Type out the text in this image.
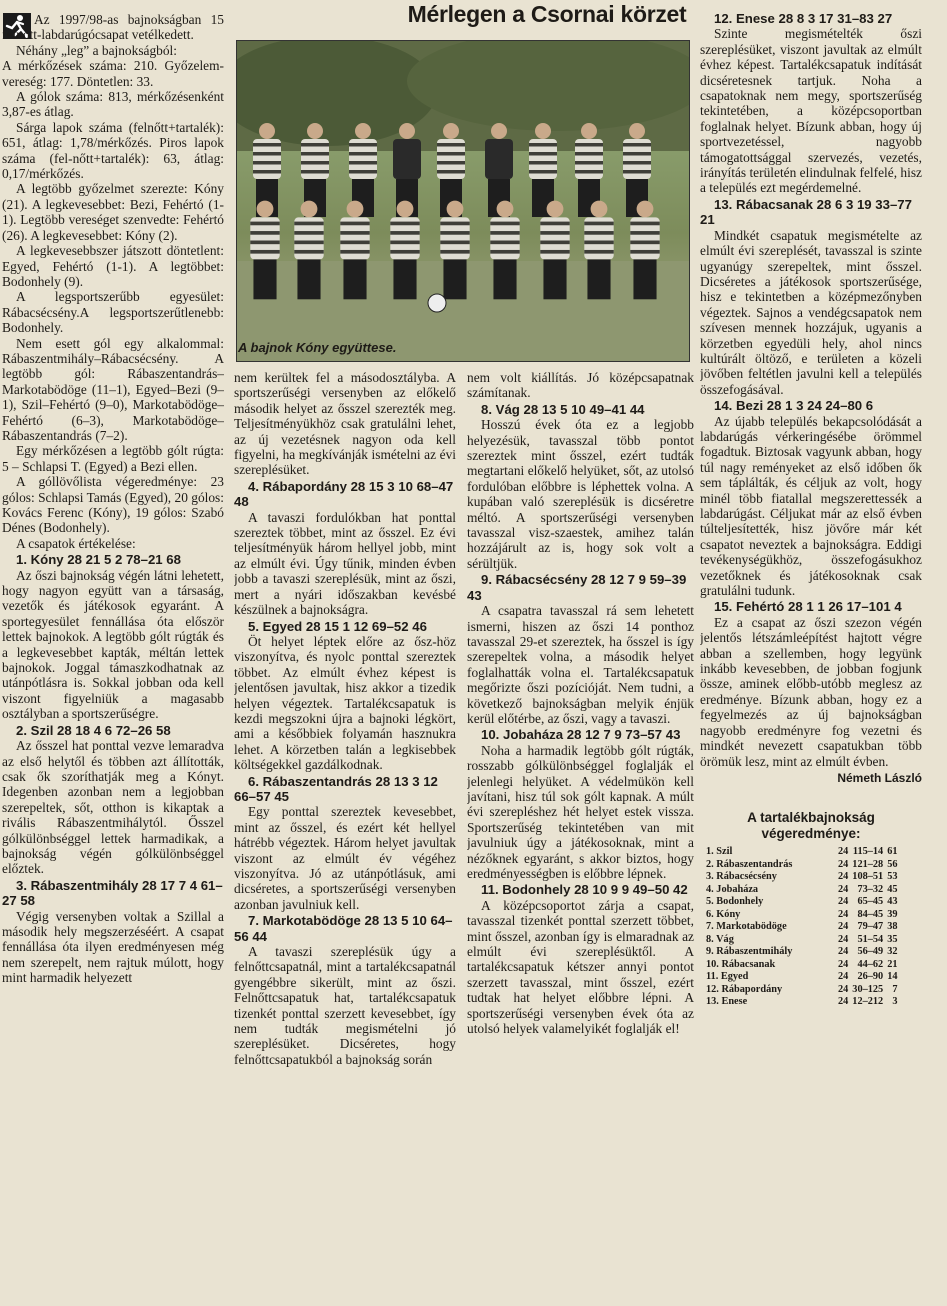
Mérlegen a Csornai körzet
A bajnok Kóny együttese.

Az 1997/98-as bajnokságban 15 felnőtt-labdarúgócsapat vetélkedett.

Néhány „leg” a bajnokságból:

A mérkőzések száma: 210. Győzelem-vereség: 177. Döntetlen: 33.

A gólok száma: 813, mérkőzésenként 3,87-es átlag.

Sárga lapok száma (felnőtt+tartalék): 651, átlag: 1,78/mérkőzés. Piros lapok száma (fel-nőtt+tartalék): 63, átlag: 0,17/mérkőzés.

A legtöbb győzelmet szerezte: Kóny (21). A legkevesebbet: Bezi, Fehértó (1-1). Legtöbb vereséget szenvedte: Fehértó (26). A legkevesebbet: Kóny (2).

A legkevesebbszer játszott döntetlent: Egyed, Fehértó (1-1). A legtöbbet: Bodonhely (9).

A legsportszerűbb egyesület: Rábacsécsény.A legsportszerűtlenebb: Bodonhely.

Nem esett gól egy alkalommal: Rábaszentmihály–Rábacsécsény. A legtöbb gól: Rábaszentandrás–Markotabödöge (11–1), Egyed–Bezi (9–1), Szil–Fehértó (9–0), Markotabödöge–Fehértó (6–3), Markotabödöge–Rábaszentandrás (7–2).

Egy mérkőzésen a legtöbb gólt rúgta: 5 – Schlapsi T. (Egyed) a Bezi ellen.

A góllövőlista végeredménye: 23 gólos: Schlapsi Tamás (Egyed), 20 gólos: Kovács Ferenc (Kóny), 19 gólos: Szabó Dénes (Bodonhely).

A csapatok értékelése:

1. Kóny 28 21 5 2 78–21 68

Az őszi bajnokság végén látni lehetett, hogy nagyon együtt van a társaság, vezetők és játékosok egyaránt. A sportegyesület fennállása óta először lettek bajnokok. A legtöbb gólt rúgták és a legkevesebbet kapták, méltán lettek bajnokok. Joggal támaszkodhatnak az utánpótlásra is. Sokkal jobban oda kell viszont figyelniük a magasabb osztályban a sportszerűségre.

2. Szil 28 18 4 6 72–26 58

Az ősszel hat ponttal vezve lemaradva az első helytől és többen azt állították, csak ők szoríthatják meg a Kónyt. Idegenben azonban nem a legjobban szerepeltek, sőt, otthon is kikaptak a rivális Rábaszentmihálytól. Ősszel gólkülönbséggel lettek harmadikak, a bajnokság végén gólkülönbséggel előztek.

3. Rábaszentmihály 28 17 7 4 61–27 58

Végig versenyben voltak a Szillal a második hely megszerzéséért. A csapat fennállása óta ilyen eredményesen még nem szerepelt, nem rajtuk múlott, hogy mint harmadik helyezett

nem kerültek fel a másodosztályba. A sportszerűségi versenyben az előkelő második helyet az ősszel szerezték meg. Teljesítményükhöz csak gratulálni lehet, az új vezetésnek nagyon oda kell figyelni, ha megkívánják ismételni az évi szereplésüket.

4. Rábapordány 28 15 3 10 68–47 48

A tavaszi fordulókban hat ponttal szereztek többet, mint az ősszel. Ez évi teljesítményük három hellyel jobb, mint az elmúlt évi. Úgy tűnik, minden évben jobb a tavaszi szereplésük, mint az őszi, mert a nyári időszakban kevésbé készülnek a bajnokságra.

5. Egyed 28 15 1 12 69–52 46

Öt helyet léptek előre az ősz-höz viszonyítva, és nyolc ponttal szereztek többet. Az elmúlt évhez képest is jelentősen javultak, hisz akkor a tizedik helyen végeztek. Tartalékcsapatuk is kezdi megszokni újra a bajnoki légkört, ami a későbbiek folyamán hasznukra lehet. A körzetben talán a legkisebbek költségekkel gazdálkodnak.

6. Rábaszentandrás 28 13 3 12 66–57 45

Egy ponttal szereztek kevesebbet, mint az ősszel, és ezért két hellyel hátrébb végeztek. Három helyet javultak viszont az elmúlt év végéhez viszonyítva. Jó az utánpótlásuk, ami dicséretes, a sportszerűségi versenyben azonban javulniuk kell.

7. Markotabödöge 28 13 5 10 64–56 44

A tavaszi szereplésük úgy a felnőttcsapatnál, mint a tartalékcsapatnál gyengébbre sikerült, mint az őszi. Felnőttcsapatuk hat, tartalékcsapatuk tizenkét ponttal szerzett kevesebbet, így nem tudták megismételni jó szereplésüket. Dicséretes, hogy felnőttcsapatukból a bajnokság során

nem volt kiállítás. Jó középcsapatnak számítanak.

8. Vág 28 13 5 10 49–41 44

Hosszú évek óta ez a legjobb helyezésük, tavasszal több pontot szereztek mint ősszel, ezért tudták megtartani előkelő helyüket, sőt, az utolsó fordulóban előbbre is léphettek volna. A kupában való szereplésük is dicséretre méltó. A sportszerűségi versenyben tavasszal visz-szaestek, amihez talán hozzájárult az is, hogy sok volt a sérültjük.

9. Rábacsécsény 28 12 7 9 59–39 43

A csapatra tavasszal rá sem lehetett ismerni, hiszen az őszi 14 ponthoz tavasszal 29-et szereztek, ha ősszel is így szerepeltek volna, a második helyet foglalhatták volna el. Tartalékcsapatuk megőrizte őszi pozícióját. Nem tudni, a következő bajnokságban melyik énjük kerül előtérbe, az őszi, vagy a tavaszi.

10. Jobaháza 28 12 7 9 73–57 43

Noha a harmadik legtöbb gólt rúgták, rosszabb gólkülönbséggel foglalják el jelenlegi helyüket. A védelmükön kell javítani, hisz túl sok gólt kapnak. A múlt évi szerepléshez hét helyet estek vissza. Sportszerűség tekintetében van mit javulniuk úgy a játékosoknak, mint a nézőknek egyaránt, s akkor biztos, hogy eredményességben is előbbre lépnek.

11. Bodonhely 28 10 9 9 49–50 42

A középcsoportot zárja a csapat, tavasszal tizenkét ponttal szerzett többet, mint ősszel, azonban így is elmaradnak az elmúlt évi szereplésüktől. A tartalékcsapatuk kétszer annyi pontot szerzett tavasszal, mint ősszel, ezért tudtak hat helyet előbbre lépni. A sportszerűségi versenyben évek óta az utolsó helyek valamelyikét foglalják el!

12. Enese 28 8 3 17 31–83 27

Szinte megismételték őszi szereplésüket, viszont javultak az elmúlt évhez képest. Tartalékcsapatuk indítását dicséretesnek tartjuk. Noha a csapatoknak nem megy, sportszerűség tekintetében, a középcsoportban foglalnak helyet. Bízunk abban, hogy új sportvezetéssel, nagyobb támogatottsággal szervezés, vezetés, irányítás területén elindulnak felfelé, hisz a település ezt megérdemelné.

13. Rábacsanak 28 6 3 19 33–77 21

Mindkét csapatuk megismételte az elmúlt évi szereplését, tavasszal is szinte ugyanúgy szerepeltek, mint ősszel. Dicséretes a játékosok sportszerűsége, hisz e tekintetben a középmezőnyben végeztek. Sajnos a vendégcsapatok nem szívesen mennek hozzájuk, ugyanis a körzetben egyedüli hely, ahol nincs kultúrált öltöző, e területen a közeli jövőben feltétlen javulni kell a település összefogásával.

14. Bezi 28 1 3 24 24–80 6

Az újabb település bekapcsolódását a labdarúgás vérkeringésébe örömmel fogadtuk. Biztosak vagyunk abban, hogy túl nagy reményeket az első időben ők sem táplálták, és céljuk az volt, hogy minél több fiatallal megszerettessék a labdarúgást. Céljukat már az első évben túlteljesítették, hisz jövőre már két csapatot neveztek a bajnokságra. Eddigi tevékenységükhöz, összefogásukhoz vezetőknek és játékosoknak csak gratulálni tudunk.

15. Fehértó 28 1 1 26 17–101 4

Ez a csapat az őszi szezon végén jelentős létszámleépítést hajtott végre abban a szellemben, hogy legyünk inkább kevesebben, de jobban fogjunk össze, aminek előbb-utóbb meglesz az eredménye. Bízunk abban, hogy ez a fegyelmezés az új bajnokságban nagyobb eredményre fog vezetni és mindkét nevezett csapatukban több örömük lesz, mint az elmúlt évben.

Németh László
A tartalékbajnokság
végeredménye:
1. Szil	24	115–14	61
2. Rábaszentandrás	24	121–28	56
3. Rábacsécsény	24	108–51	53
4. Jobaháza	24	73–32	45
5. Bodonhely	24	65–45	43
6. Kóny	24	84–45	39
7. Markotabödöge	24	79–47	38
8. Vág	24	51–54	35
9. Rábaszentmihály	24	56–49	32
10. Rábacsanak	24	44–62	21
11. Egyed	24	26–90	14
12. Rábapordány	24	30–125	7
13. Enese	24	12–212	3
